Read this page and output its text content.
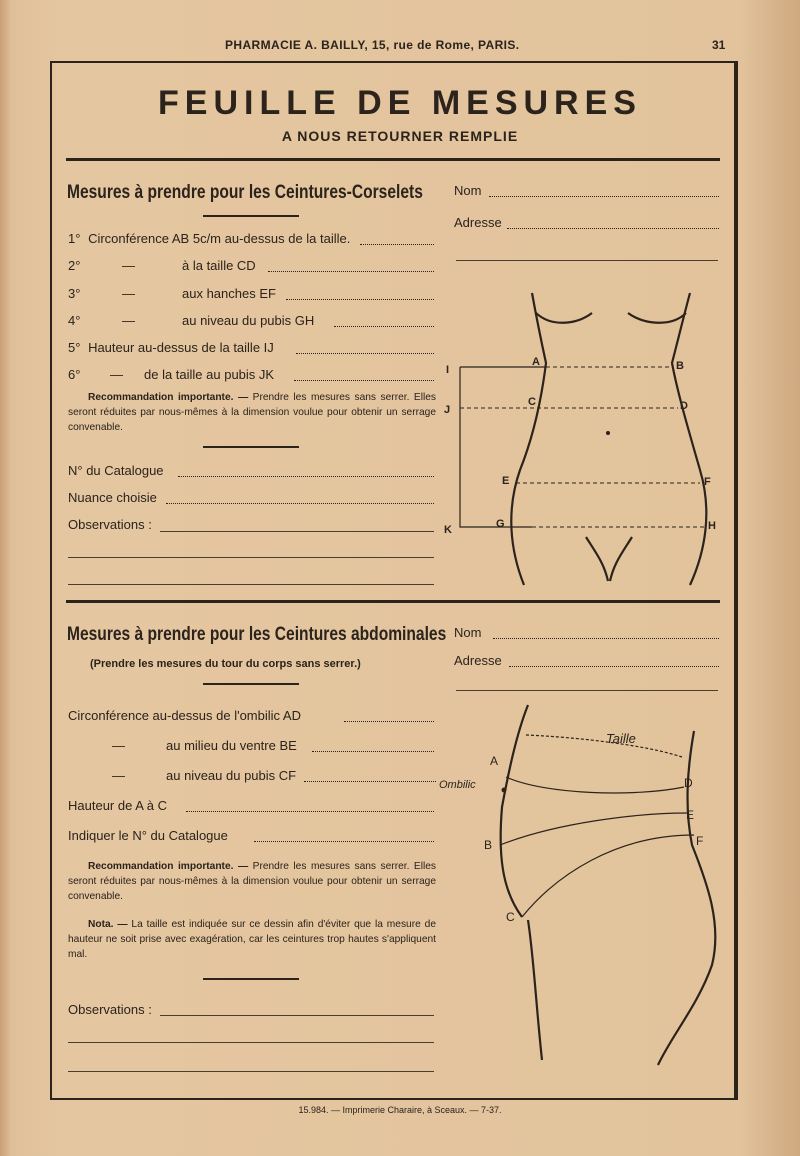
PHARMACIE A. BAILLY, 15, rue de Rome, PARIS.	31
FEUILLE DE MESURES
A NOUS RETOURNER REMPLIE
Mesures à prendre pour les Ceintures-Corselets
1° Circonférence AB 5c/m au-dessus de la taille.
2°	—	à la taille CD
3°	—	aux hanches EF
4°	—	au niveau du pubis GH
5° Hauteur au-dessus de la taille IJ
6° — de la taille au pubis JK
Recommandation importante. — Prendre les mesures sans serrer. Elles seront réduites par nous-mêmes à la dimension voulue pour obtenir un serrage convenable.
N° du Catalogue
Nuance choisie
Observations :
Nom
Adresse
A	B
C	D
E	F
G	H
I
J
K
Mesures à prendre pour les Ceintures abdominales
(Prendre les mesures du tour du corps sans serrer.)
Circonférence au-dessus de l'ombilic AD
—	au milieu du ventre BE
—	au niveau du pubis CF
Hauteur de A à C
Indiquer le N° du Catalogue
Recommandation importante. — Prendre les mesures sans serrer. Elles seront réduites par nous-mêmes à la dimension voulue pour obtenir un serrage convenable.
Nota. — La taille est indiquée sur ce dessin afin d'éviter que la mesure de hauteur ne soit prise avec exagération, car les ceintures trop hautes s'appliquent mal.
Observations :
Nom
Adresse
Taille
Ombilic
A
B
C
D
E
F
15.984. — Imprimerie Charaire, à Sceaux. — 7-37.
